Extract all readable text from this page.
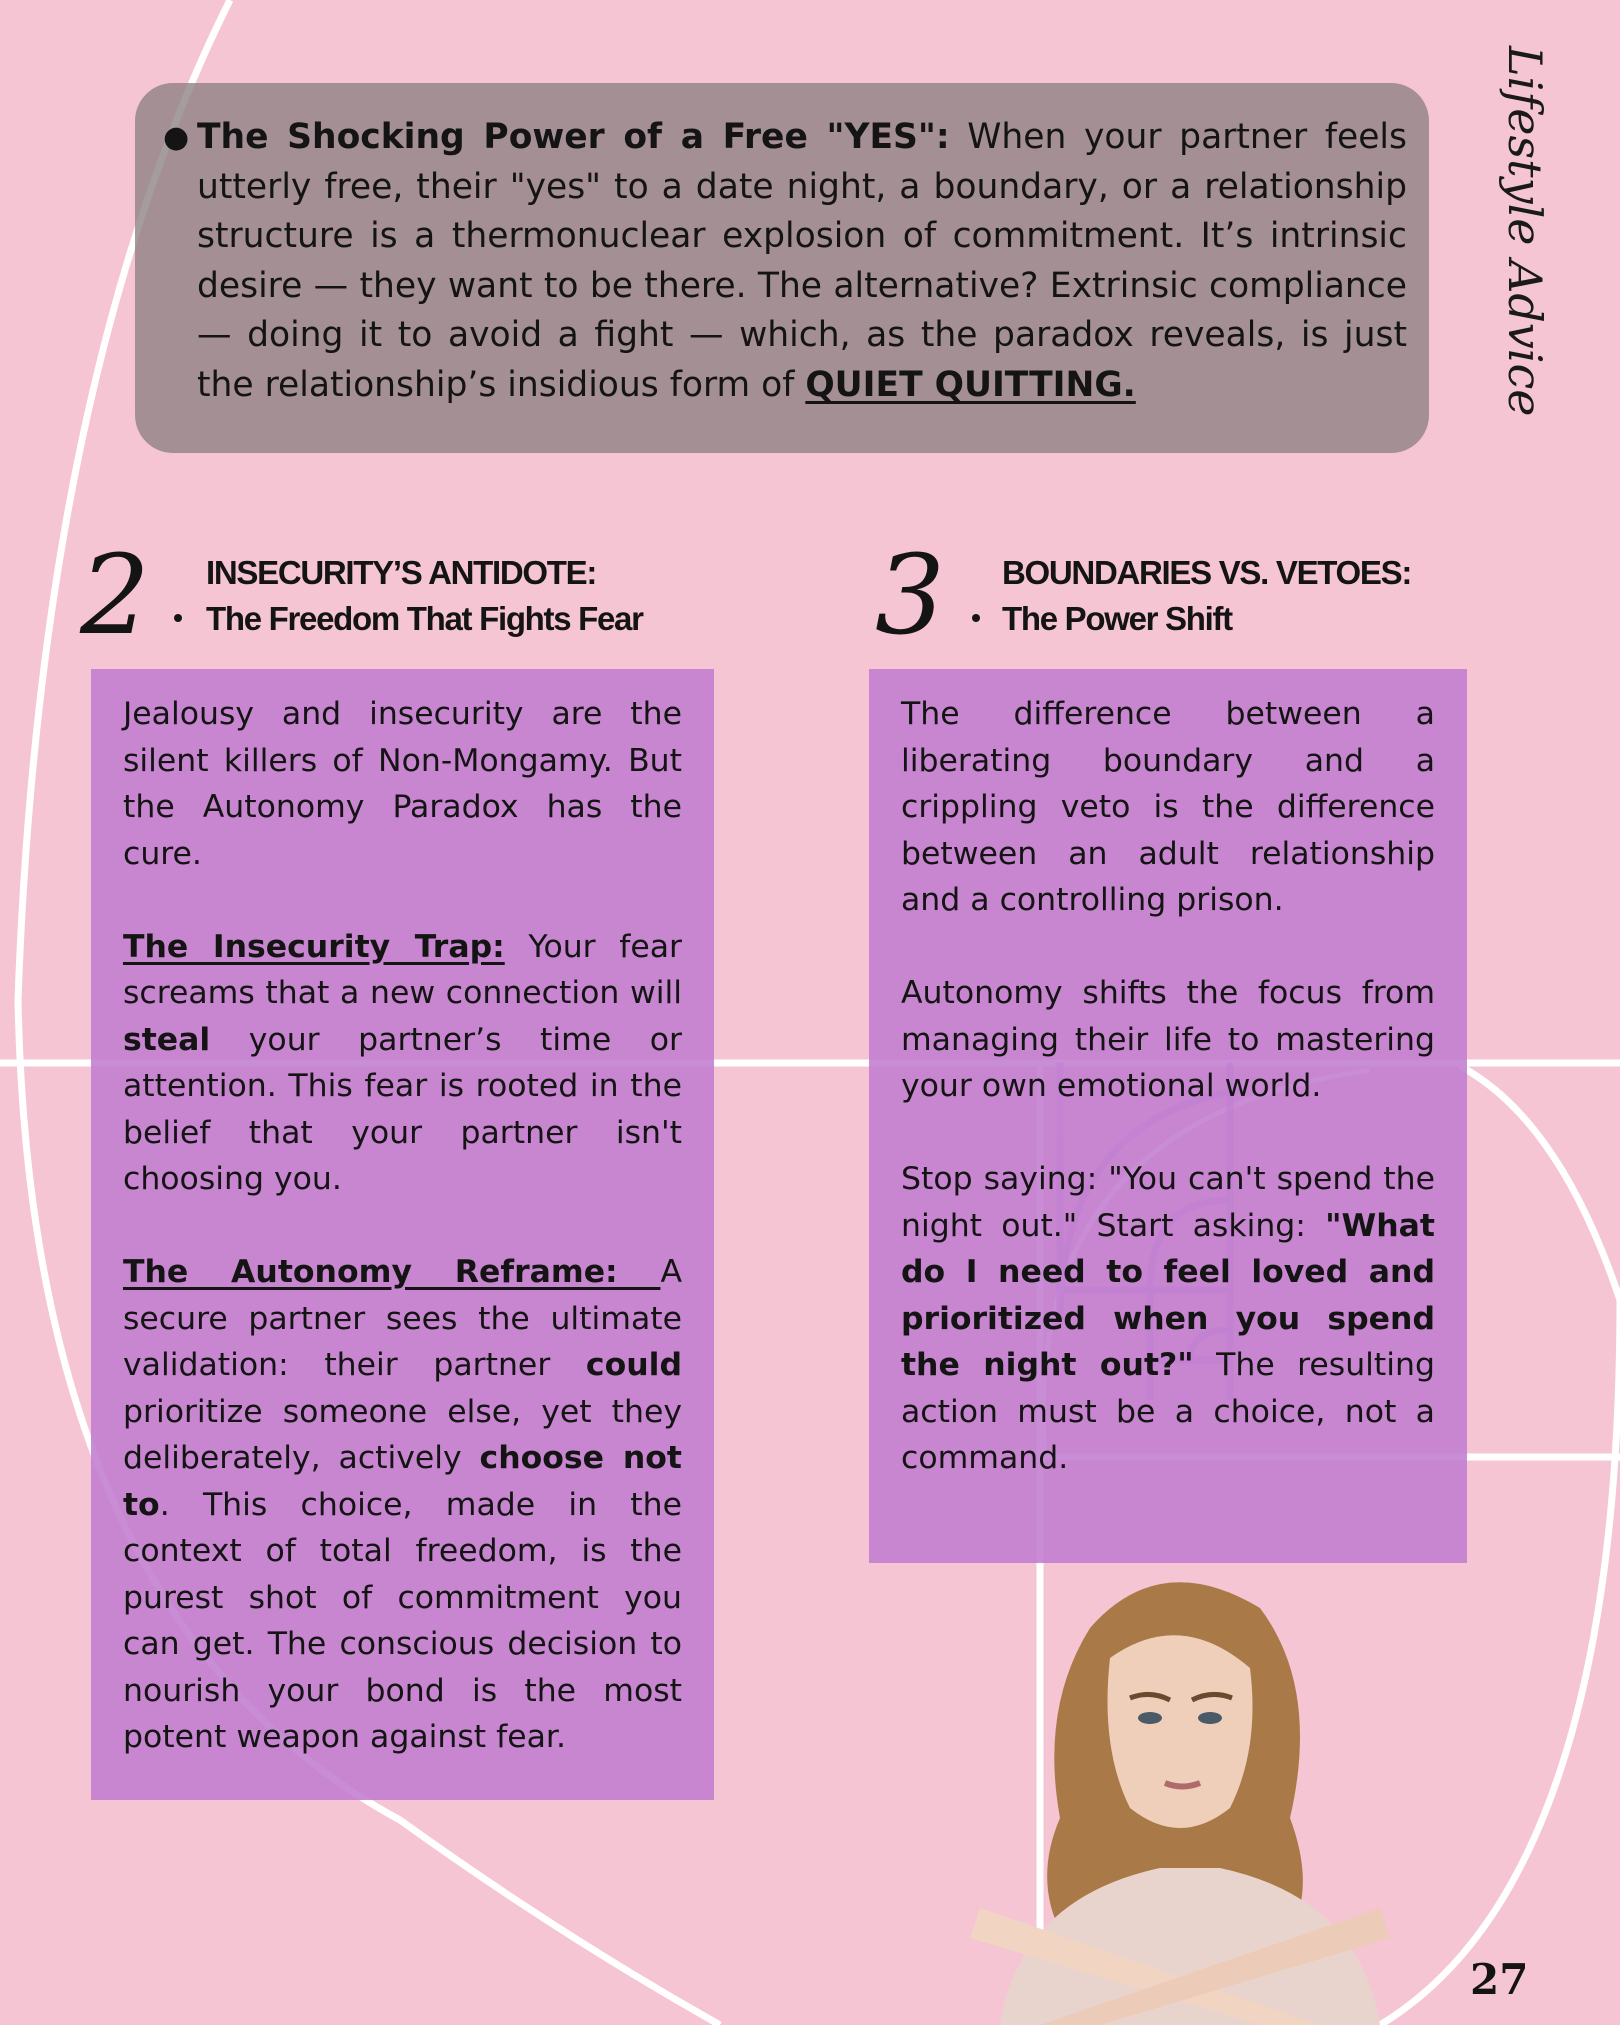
Lifestyle Advice

● The Shocking Power of a Free "YES": When your partner feels utterly free, their "yes" to a date night, a boundary, or a relationship structure is a thermonuclear explosion of commitment. It’s intrinsic desire — they want to be there. The alternative? Extrinsic compliance — doing it to avoid a fight — which, as the paradox reveals, is just the relationship’s insidious form of QUIET QUITTING.

2 INSECURITY’S ANTIDOTE:
The Freedom That Fights Fear 3 BOUNDARIES VS. VETOES:
The Power Shift

Jealousy and insecurity are the silent killers of Non-Mongamy. But the Autonomy Paradox has the cure.

The Insecurity Trap: Your fear screams that a new connection will steal your partner’s time or attention. This fear is rooted in the belief that your partner isn't choosing you.

The Autonomy Reframe: A secure partner sees the ultimate validation: their partner could prioritize someone else, yet they deliberately, actively choose not to. This choice, made in the context of total freedom, is the purest shot of commitment you can get. The conscious decision to nourish your bond is the most potent weapon against fear.

The difference between a liberating boundary and a crippling veto is the difference between an adult relationship and a controlling prison.

Autonomy shifts the focus from managing their life to mastering your own emotional world.

Stop saying: "You can't spend the night out." Start asking: "What do I need to feel loved and prioritized when you spend the night out?" The resulting action must be a choice, not a command.

27
